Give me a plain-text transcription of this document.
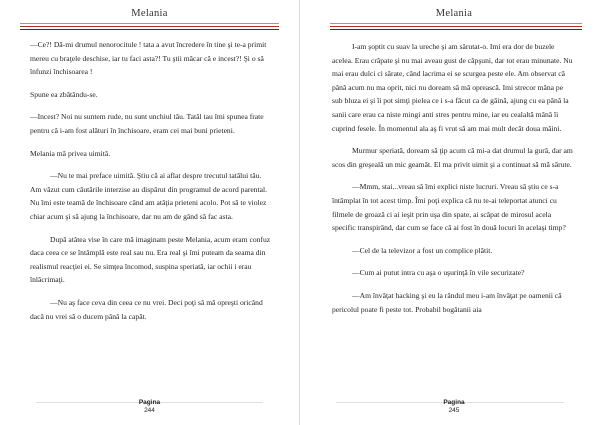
Melania

—Ce?! Dă-mi drumul nenorocitule ! tata a avut încredere în tine şi te-a primit mereu cu braţele deschise, iar tu faci asta?! Tu ştii măcar că e incest?! Şi o să înfunzi închisoarea !

Spune ea zbătându-se.

—Incest? Noi nu suntem rude, nu sunt unchiul tău. Tatăl tau îmi spunea frate pentru că i-am fost alături în închisoare, eram cei mai buni prieteni.

Melania mă privea uimită.

—Nu te mai preface uimită. Ştiu că ai aflat despre trecutul tatălui tău. Am văzut cum căutările interzise au dispărut din programul de acord parental. Nu îmi este teamă de închisoare când am atâţia prieteni acolo. Pot să te violez chiar acum şi să ajung la închisoare, dar nu am de gând să fac asta.

După atâtea vise în care mă imaginam peste Melania, acum eram confuz daca ceea ce se întâmplă este real sau nu. Era real şi îmi puteam da seama din realismul reacţiei ei. Se simţea încomod, suspina speriată, iar ochii i erau înlăcrimaţi.

—Nu aş face ceva din ceea ce nu vrei. Deci poţi să mă opreşti oricând dacă nu vrei să o ducem până la capăt.

Pagina
244
Melania

I-am şoptit cu suav la ureche şi am sărutat-o. Imi era dor de buzele acelea. Erau crăpate şi nu mai aveau gust de căpşuni, dar tot erau minunate. Nu mai erau dulci ci sărate, când lacrima ei se scurgea peste ele. Am observat că până acum nu ma oprit, nici nu doream să mă oprească. Imi strecor mâna pe sub bluza ei şi îi pot simţi pielea ce i s-a făcut ca de găină, ajung cu ea până la sanii care erau ca niste mingi anti stres pentru mine, iar eu cealaltă mână îi cuprind fesele. În momentul ala aş fi vrut să am mai mult decât doua mâini.

Murmur speriată, doream să ţip acum că mi-a dat drumul la gură, dar am scos din greşeală un mic geamăt. El ma privit uimit şi a continuat să mă sărute.

—Mmm, stai...vreau să îmi explici niste lucruri. Vreau să ştiu ce s-a întâmplat în tot acest timp. Îmi poţi explica că nu te-ai teleportat atunci cu filmele de groază ci ai ieşit prin uşa din spate, ai scăpat de mirosul acela specific transpirând, dar cum se face că ai fost în două locuri în acelaşi timp?

—Cel de la televizor a fost un complice plătit.

—Cum ai putut intra cu aşa o uşurinţă în vile securizate?

—Am învăţat hacking şi eu la rândul meu i-am învăţat pe oamenii că pericolul poate fi peste tot. Probabil bogătanii aia

Pagina
245
